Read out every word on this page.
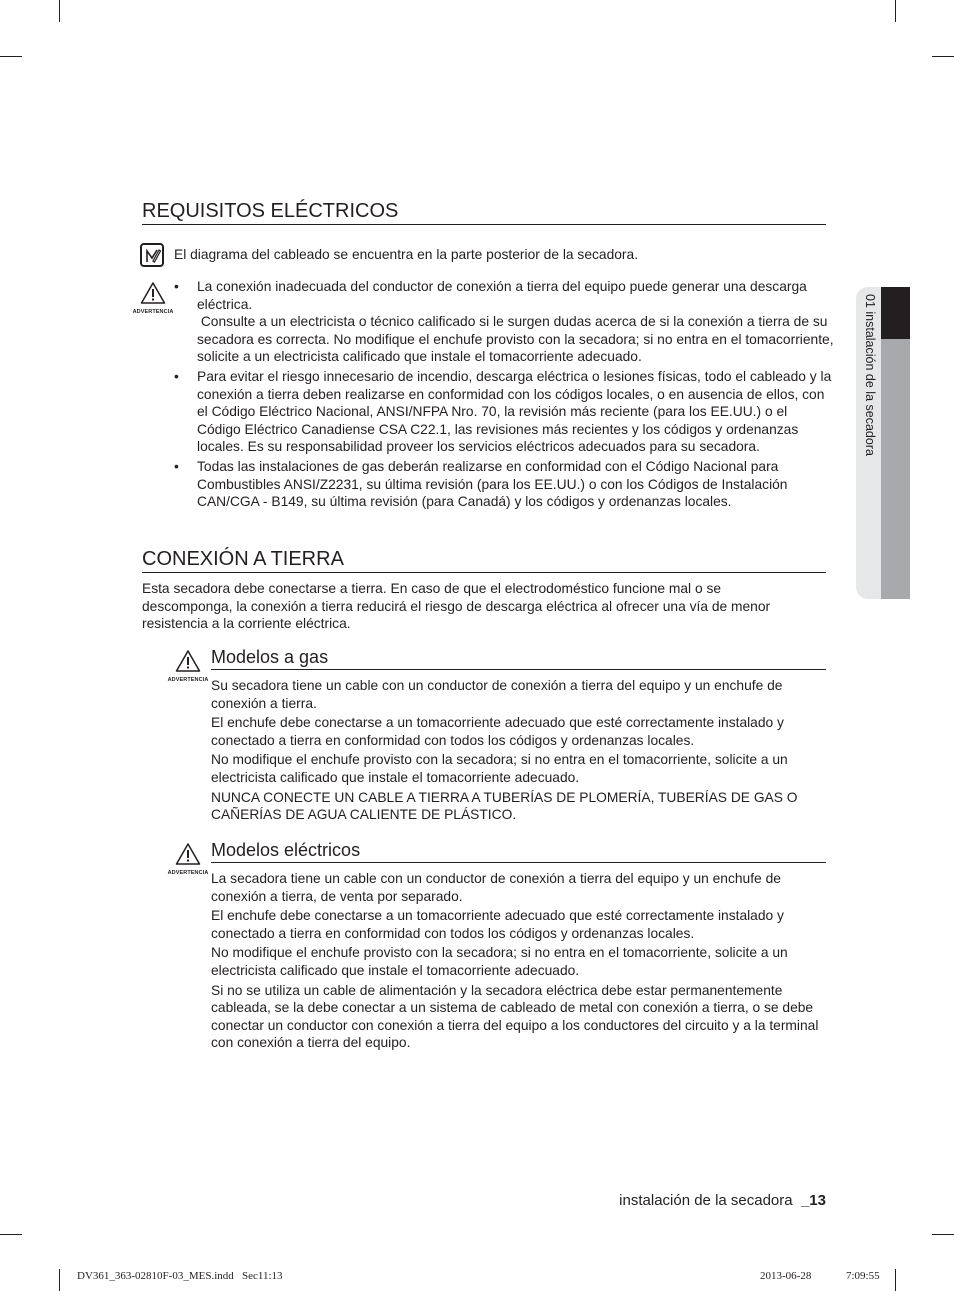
REQUISITOS ELÉCTRICOS
El diagrama del cableado se encuentra en la parte posterior de la secadora.
ADVERTENCIA

• La conexión inadecuada del conductor de conexión a tierra del equipo puede generar una descarga eléctrica.

Consulte a un electricista o técnico calificado si le surgen dudas acerca de si la conexión a tierra de su secadora es correcta. No modifique el enchufe provisto con la secadora; si no entra en el tomacorriente, solicite a un electricista calificado que instale el tomacorriente adecuado.

• Para evitar el riesgo innecesario de incendio, descarga eléctrica o lesiones físicas, todo el cableado y la conexión a tierra deben realizarse en conformidad con los códigos locales, o en ausencia de ellos, con el Código Eléctrico Nacional, ANSI/NFPA Nro. 70, la revisión más reciente (para los EE.UU.) o el Código Eléctrico Canadiense CSA C22.1, las revisiones más recientes y los códigos y ordenanzas locales. Es su responsabilidad proveer los servicios eléctricos adecuados para su secadora.

• Todas las instalaciones de gas deberán realizarse en conformidad con el Código Nacional para Combustibles ANSI/Z2231, su última revisión (para los EE.UU.) o con los Códigos de Instalación CAN/CGA - B149, su última revisión (para Canadá) y los códigos y ordenanzas locales.

CONEXIÓN A TIERRA

Esta secadora debe conectarse a tierra. En caso de que el electrodoméstico funcione mal o se descomponga, la conexión a tierra reducirá el riesgo de descarga eléctrica al ofrecer una vía de menor resistencia a la corriente eléctrica.

ADVERTENCIA
Modelos a gas

Su secadora tiene un cable con un conductor de conexión a tierra del equipo y un enchufe de conexión a tierra.

El enchufe debe conectarse a un tomacorriente adecuado que esté correctamente instalado y conectado a tierra en conformidad con todos los códigos y ordenanzas locales.

No modifique el enchufe provisto con la secadora; si no entra en el tomacorriente, solicite a un electricista calificado que instale el tomacorriente adecuado.

NUNCA CONECTE UN CABLE A TIERRA A TUBERÍAS DE PLOMERÍA, TUBERÍAS DE GAS O CAÑERÍAS DE AGUA CALIENTE DE PLÁSTICO.

ADVERTENCIA
Modelos eléctricos

La secadora tiene un cable con un conductor de conexión a tierra del equipo y un enchufe de conexión a tierra, de venta por separado.

El enchufe debe conectarse a un tomacorriente adecuado que esté correctamente instalado y conectado a tierra en conformidad con todos los códigos y ordenanzas locales.

No modifique el enchufe provisto con la secadora; si no entra en el tomacorriente, solicite a un electricista calificado que instale el tomacorriente adecuado.

Si no se utiliza un cable de alimentación y la secadora eléctrica debe estar permanentemente cableada, se la debe conectar a un sistema de cableado de metal con conexión a tierra, o se debe conectar un conductor con conexión a tierra del equipo a los conductores del circuito y a la terminal con conexión a tierra del equipo.

01 instalación de la secadora
instalación de la secadora _13
DV361_363-02810F-03_MES.indd   Sec11:13	2013-06-28	7:09:55
